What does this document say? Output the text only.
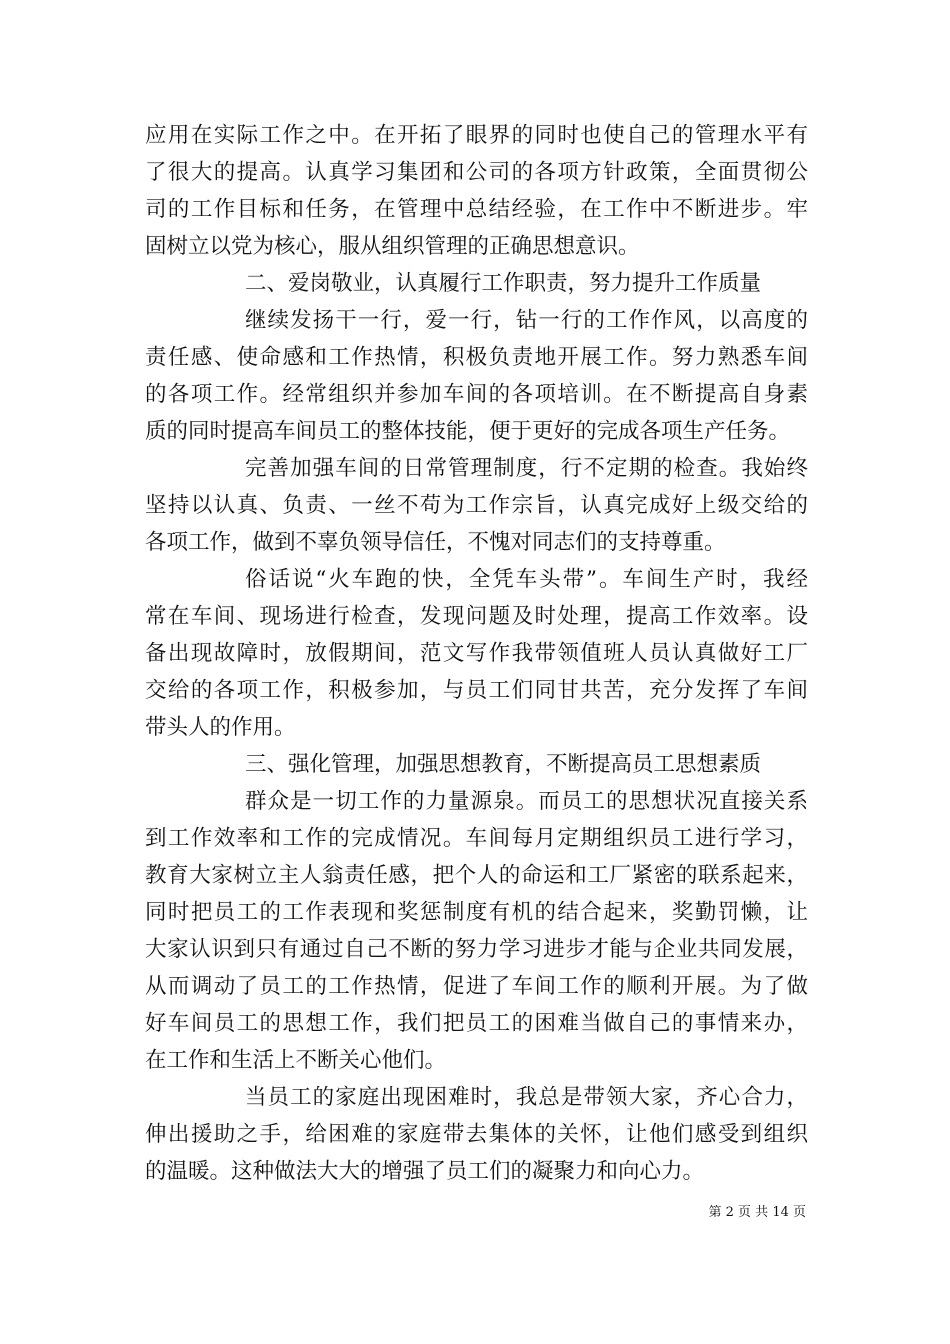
应用在实际工作之中。在开拓了眼界的同时也使自己的管理水平有
了很大的提高。认真学习集团和公司的各项方针政策，全面贯彻公
司的工作目标和任务，在管理中总结经验，在工作中不断进步。牢
固树立以党为核心，服从组织管理的正确思想意识。
二、爱岗敬业，认真履行工作职责，努力提升工作质量
继续发扬干一行，爱一行，钻一行的工作作风，以高度的
责任感、使命感和工作热情，积极负责地开展工作。努力熟悉车间
的各项工作。经常组织并参加车间的各项培训。在不断提高自身素
质的同时提高车间员工的整体技能，便于更好的完成各项生产任务。
完善加强车间的日常管理制度，行不定期的检查。我始终
坚持以认真、负责、一丝不苟为工作宗旨，认真完成好上级交给的
各项工作，做到不辜负领导信任，不愧对同志们的支持尊重。
俗话说“火车跑的快，全凭车头带”。车间生产时，我经
常在车间、现场进行检查，发现问题及时处理，提高工作效率。设
备出现故障时，放假期间，范文写作我带领值班人员认真做好工厂
交给的各项工作，积极参加，与员工们同甘共苦，充分发挥了车间
带头人的作用。
三、强化管理，加强思想教育，不断提高员工思想素质
群众是一切工作的力量源泉。而员工的思想状况直接关系
到工作效率和工作的完成情况。车间每月定期组织员工进行学习，
教育大家树立主人翁责任感，把个人的命运和工厂紧密的联系起来，
同时把员工的工作表现和奖惩制度有机的结合起来，奖勤罚懒，让
大家认识到只有通过自己不断的努力学习进步才能与企业共同发展，
从而调动了员工的工作热情，促进了车间工作的顺利开展。为了做
好车间员工的思想工作，我们把员工的困难当做自己的事情来办，
在工作和生活上不断关心他们。
当员工的家庭出现困难时，我总是带领大家，齐心合力，
伸出援助之手，给困难的家庭带去集体的关怀，让他们感受到组织
的温暖。这种做法大大的增强了员工们的凝聚力和向心力。
第 2 页 共 14 页
